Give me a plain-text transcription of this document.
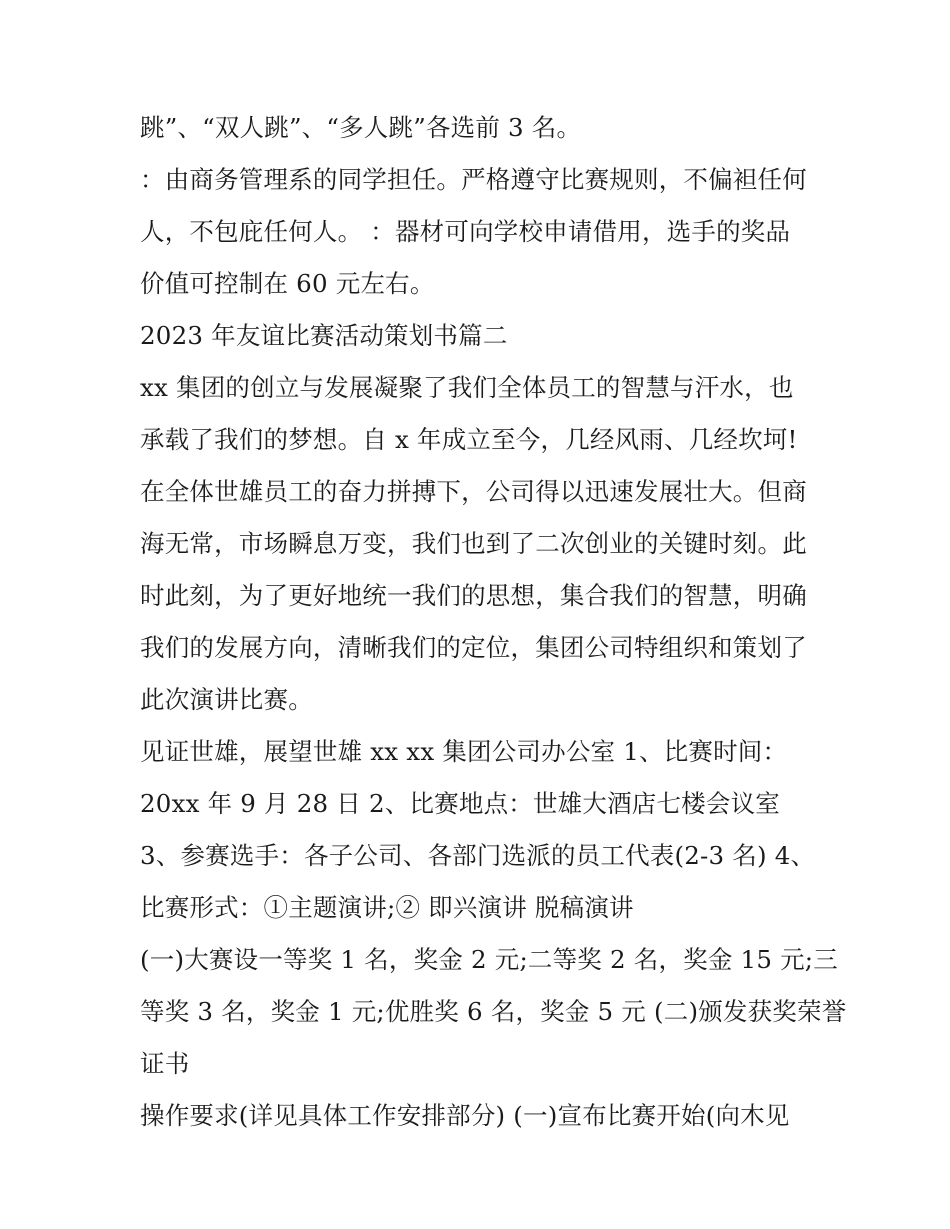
跳”、“双人跳”、“多人跳”各选前 3 名。
：由商务管理系的同学担任。严格遵守比赛规则，不偏袒任何
人，不包庇任何人。 ：器材可向学校申请借用，选手的奖品
价值可控制在 60 元左右。
2023 年友谊比赛活动策划书篇二
xx 集团的创立与发展凝聚了我们全体员工的智慧与汗水，也
承载了我们的梦想。自 x 年成立至今，几经风雨、几经坎坷!
在全体世雄员工的奋力拼搏下，公司得以迅速发展壮大。但商
海无常，市场瞬息万变，我们也到了二次创业的关键时刻。此
时此刻，为了更好地统一我们的思想，集合我们的智慧，明确
我们的发展方向，清晰我们的定位，集团公司特组织和策划了
此次演讲比赛。
见证世雄，展望世雄 xx xx 集团公司办公室 1、比赛时间：
20xx 年 9 月 28 日 2、比赛地点：世雄大酒店七楼会议室
3、参赛选手：各子公司、各部门选派的员工代表(2-3 名) 4、
比赛形式：①主题演讲;② 即兴演讲 脱稿演讲
(一)大赛设一等奖 1 名，奖金 2 元;二等奖 2 名，奖金 15 元;三
等奖 3 名，奖金 1 元;优胜奖 6 名，奖金 5 元 (二)颁发获奖荣誉
证书
操作要求(详见具体工作安排部分) (一)宣布比赛开始(向木见
